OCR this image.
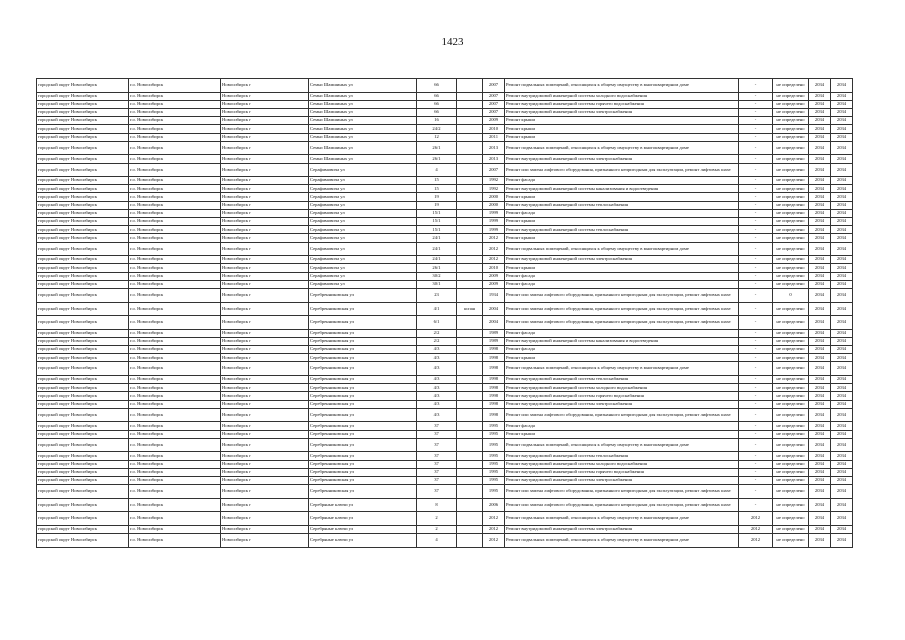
1423
городской округ Новосибирск	г.о. Новосибирск	Новосибирск г	Семьи Шамшиных ул	66		2007	Ремонт подвальных помещений, относящихся к общему имуществу в многоквартирном доме	-	не определено	2034	2034
городской округ Новосибирск	г.о. Новосибирск	Новосибирск г	Семьи Шамшиных ул	66		2007	Ремонт внутридомовой инженерной системы холодного водоснабжения	-	не определено	2034	2034
городской округ Новосибирск	г.о. Новосибирск	Новосибирск г	Семьи Шамшиных ул	66		2007	Ремонт внутридомовой инженерной системы горячего водоснабжения	-	не определено	2034	2034
городской округ Новосибирск	г.о. Новосибирск	Новосибирск г	Семьи Шамшиных ул	66		2007	Ремонт внутридомовой инженерной системы электроснабжения	-	не определено	2034	2034
городской округ Новосибирск	г.о. Новосибирск	Новосибирск г	Семьи Шамшиных ул	16		2009	Ремонт крыши	-	не определено	2034	2034
городской округ Новосибирск	г.о. Новосибирск	Новосибирск г	Семьи Шамшиных ул	24/2		2010	Ремонт крыши	-	не определено	2034	2034
городской округ Новосибирск	г.о. Новосибирск	Новосибирск г	Семьи Шамшиных ул	12		2011	Ремонт крыши	-	не определено	2034	2034
городской округ Новосибирск	г.о. Новосибирск	Новосибирск г	Семьи Шамшиных ул	26/1		2013	Ремонт подвальных помещений, относящихся к общему имуществу в многоквартирном доме	-	не определено	2034	2034
городской округ Новосибирск	г.о. Новосибирск	Новосибирск г	Семьи Шамшиных ул	26/1		2013	Ремонт внутридомовой инженерной системы электроснабжения	-	не определено	2034	2034
городской округ Новосибирск	г.о. Новосибирск	Новосибирск г	Серафимовича ул	4		2007	Ремонт или замена лифтового оборудования, признанного непригодным для эксплуатации, ремонт лифтовых шахт	-	не определено	2034	2034
городской округ Новосибирск	г.о. Новосибирск	Новосибирск г	Серафимовича ул	15		1992	Ремонт фасада	-	не определено	2034	2034
городской округ Новосибирск	г.о. Новосибирск	Новосибирск г	Серафимовича ул	15		1992	Ремонт внутридомовой инженерной системы канализования и водоотведения	-	не определено	2034	2034
городской округ Новосибирск	г.о. Новосибирск	Новосибирск г	Серафимовича ул	19		2000	Ремонт крыши	-	не определено	2034	2034
городской округ Новосибирск	г.о. Новосибирск	Новосибирск г	Серафимовича ул	19		2000	Ремонт внутридомовой инженерной системы теплоснабжения	-	не определено	2034	2034
городской округ Новосибирск	г.о. Новосибирск	Новосибирск г	Серафимовича ул	15/1		1999	Ремонт фасада	-	не определено	2034	2034
городской округ Новосибирск	г.о. Новосибирск	Новосибирск г	Серафимовича ул	15/1		1999	Ремонт крыши	-	не определено	2034	2034
городской округ Новосибирск	г.о. Новосибирск	Новосибирск г	Серафимовича ул	15/1		1999	Ремонт внутридомовой инженерной системы теплоснабжения	-	не определено	2034	2034
городской округ Новосибирск	г.о. Новосибирск	Новосибирск г	Серафимовича ул	24/1		2012	Ремонт крыши	-	не определено	2034	2034
городской округ Новосибирск	г.о. Новосибирск	Новосибирск г	Серафимовича ул	24/1		2012	Ремонт подвальных помещений, относящихся к общему имуществу в многоквартирном доме	-	не определено	2034	2034
городской округ Новосибирск	г.о. Новосибирск	Новосибирск г	Серафимовича ул	24/1		2012	Ремонт внутридомовой инженерной системы электроснабжения	-	не определено	2034	2034
городской округ Новосибирск	г.о. Новосибирск	Новосибирск г	Серафимовича ул	26/1		2010	Ремонт крыши	-	не определено	2034	2034
городской округ Новосибирск	г.о. Новосибирск	Новосибирск г	Серафимовича ул	30/2		2009	Ремонт фасада	-	не определено	2034	2034
городской округ Новосибирск	г.о. Новосибирск	Новосибирск г	Серафимовича ул	30/1		2009	Ремонт фасада	-	не определено	2034	2034
городской округ Новосибирск	г.о. Новосибирск	Новосибирск г	Серебренниковская ул	23		1934	Ремонт или замена лифтового оборудования, признанного непригодным для эксплуатации, ремонт лифтовых шахт	-	0	2034	2034
городской округ Новосибирск	г.о. Новосибирск	Новосибирск г	Серебренниковская ул	4/1	кспая	2004	Ремонт или замена лифтового оборудования, признанного непригодным для эксплуатации, ремонт лифтовых шахт	-	не определено	2034	2034
городской округ Новосибирск	г.о. Новосибирск	Новосибирск г	Серебренниковская ул	6/1		2004	Ремонт или замена лифтового оборудования, признанного непригодным для эксплуатации, ремонт лифтовых шахт	-	не определено	2034	2034
городской округ Новосибирск	г.о. Новосибирск	Новосибирск г	Серебренниковская ул	2/2		1989	Ремонт фасада	-	не определено	2034	2034
городской округ Новосибирск	г.о. Новосибирск	Новосибирск г	Серебренниковская ул	2/2		1989	Ремонт внутридомовой инженерной системы канализования и водоотведения	-	не определено	2034	2034
городской округ Новосибирск	г.о. Новосибирск	Новосибирск г	Серебренниковская ул	4/3		1998	Ремонт фасада	-	не определено	2034	2034
городской округ Новосибирск	г.о. Новосибирск	Новосибирск г	Серебренниковская ул	4/3		1998	Ремонт крыши	-	не определено	2034	2034
городской округ Новосибирск	г.о. Новосибирск	Новосибирск г	Серебренниковская ул	4/3		1998	Ремонт подвальных помещений, относящихся к общему имуществу в многоквартирном доме	-	не определено	2034	2034
городской округ Новосибирск	г.о. Новосибирск	Новосибирск г	Серебренниковская ул	4/3		1998	Ремонт внутридомовой инженерной системы теплоснабжения	-	не определено	2034	2034
городской округ Новосибирск	г.о. Новосибирск	Новосибирск г	Серебренниковская ул	4/3		1998	Ремонт внутридомовой инженерной системы холодного водоснабжения	-	не определено	2034	2034
городской округ Новосибирск	г.о. Новосибирск	Новосибирск г	Серебренниковская ул	4/3		1998	Ремонт внутридомовой инженерной системы горячего водоснабжения	-	не определено	2034	2034
городской округ Новосибирск	г.о. Новосибирск	Новосибирск г	Серебренниковская ул	4/3		1998	Ремонт внутридомовой инженерной системы электроснабжения	-	не определено	2034	2034
городской округ Новосибирск	г.о. Новосибирск	Новосибирск г	Серебренниковская ул	4/3		1998	Ремонт или замена лифтового оборудования, признанного непригодным для эксплуатации, ремонт лифтовых шахт	-	не определено	2034	2034
городской округ Новосибирск	г.о. Новосибирск	Новосибирск г	Серебренниковская ул	37		1995	Ремонт фасада	-	не определено	2034	2034
городской округ Новосибирск	г.о. Новосибирск	Новосибирск г	Серебренниковская ул	37		1995	Ремонт крыши	-	не определено	2034	2034
городской округ Новосибирск	г.о. Новосибирск	Новосибирск г	Серебренниковская ул	37		1995	Ремонт подвальных помещений, относящихся к общему имуществу в многоквартирном доме	-	не определено	2034	2034
городской округ Новосибирск	г.о. Новосибирск	Новосибирск г	Серебренниковская ул	37		1995	Ремонт внутридомовой инженерной системы теплоснабжения	-	не определено	2034	2034
городской округ Новосибирск	г.о. Новосибирск	Новосибирск г	Серебренниковская ул	37		1995	Ремонт внутридомовой инженерной системы холодного водоснабжения	-	не определено	2034	2034
городской округ Новосибирск	г.о. Новосибирск	Новосибирск г	Серебренниковская ул	37		1995	Ремонт внутридомовой инженерной системы горячего водоснабжения	-	не определено	2034	2034
городской округ Новосибирск	г.о. Новосибирск	Новосибирск г	Серебренниковская ул	37		1995	Ремонт внутридомовой инженерной системы электроснабжения	-	не определено	2034	2034
городской округ Новосибирск	г.о. Новосибирск	Новосибирск г	Серебренниковская ул	37		1995	Ремонт или замена лифтового оборудования, признанного непригодным для эксплуатации, ремонт лифтовых шахт	-	не определено	2034	2034
городской округ Новосибирск	г.о. Новосибирск	Новосибирск г	Серебряные ключи ул	8		2006	Ремонт или замена лифтового оборудования, признанного непригодным для эксплуатации, ремонт лифтовых шахт	-	не определено	2034	2034
городской округ Новосибирск	г.о. Новосибирск	Новосибирск г	Серебряные ключи ул	2		2012	Ремонт подвальных помещений, относящихся к общему имуществу в многоквартирном доме	2012	не определено	2034	2034
городской округ Новосибирск	г.о. Новосибирск	Новосибирск г	Серебряные ключи ул	2		2012	Ремонт внутридомовой инженерной системы электроснабжения	2012	не определено	2034	2034
городской округ Новосибирск	г.о. Новосибирск	Новосибирск г	Серебряные ключи ул	4		2012	Ремонт подвальных помещений, относящихся к общему имуществу в многоквартирном доме	2012	не определено	2034	2034
